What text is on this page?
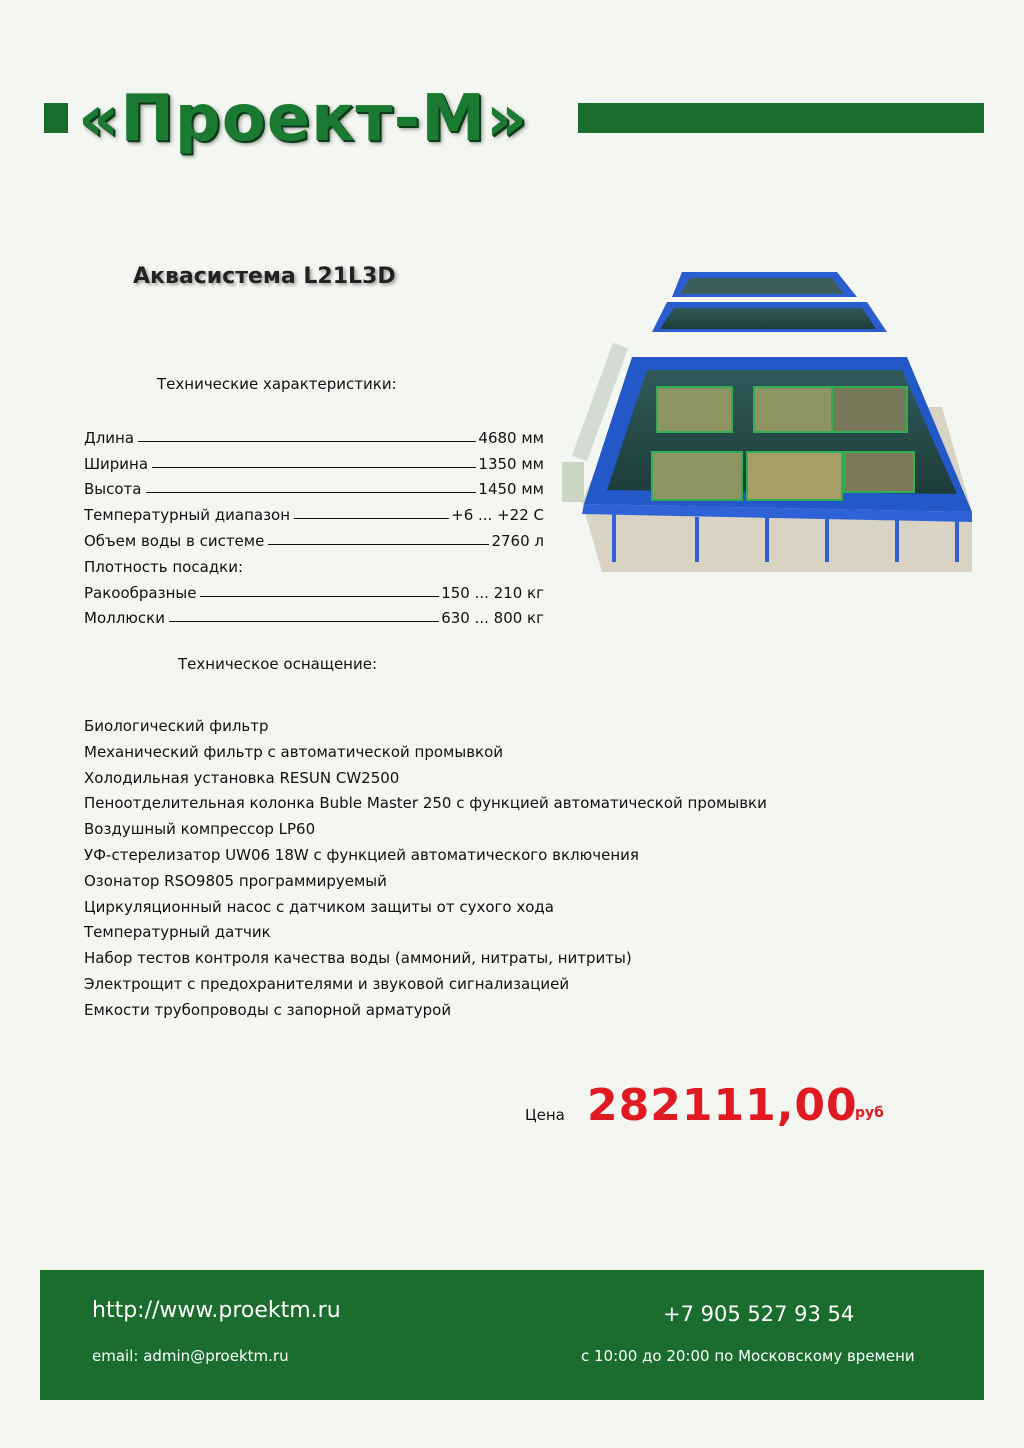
«Проект-М»
Аквасистема L21L3D
Технические характеристики:
Длина	4680 мм
Ширина	1350 мм
Высота	1450 мм
Температурный диапазон	+6 ... +22 С
Объем воды в системе	2760 л
Плотность посадки:
Ракообразные	150 ... 210 кг
Моллюски	630 ... 800 кг
Техническое оснащение:
Биологический фильтр
Механический фильтр с автоматической промывкой
Холодильная установка RESUN CW2500
Пеноотделительная колонка Buble Master 250 с функцией автоматической промывки
Воздушный компрессор LP60
УФ-стерелизатор UW06 18W с функцией автоматического включения
Озонатор RSO9805 программируемый
Циркуляционный насос с датчиком защиты от сухого хода
Температурный датчик
Набор тестов контроля качества воды (аммоний, нитраты, нитриты)
Электрощит с предохранителями и звуковой сигнализацией
Емкости трубопроводы с запорной арматурой
Цена 282111,00
руб
http://www.proektm.ru	+7 905 527 93 54
email: admin@proektm.ru	с 10:00 до 20:00 по Московскому времени
